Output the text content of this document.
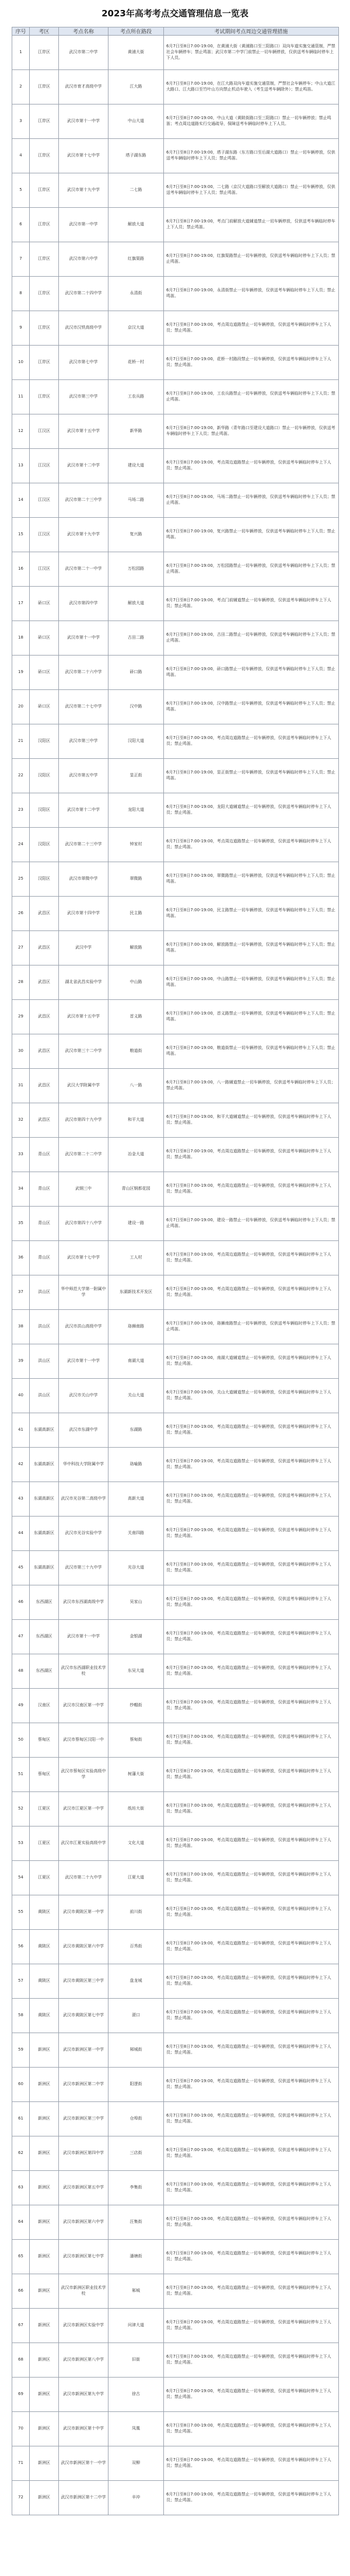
2023年高考考点交通管理信息一览表
序号	考区	考点名称	考点所在路段	考试期间考点周边交通管理措施
1	江岸区	武汉市第二中学	黄浦大街	6月7日至8日7:00-19:00，在黄浦大街（黄浦路口至三阳路口）双向车道实施交通管制，严禁社会车辆停车；禁止鸣笛；武汉市第二中学门前禁止一切车辆停放，仅供送考车辆临时停车上下人员。
2	江岸区	武汉市育才高级中学	江大路	6月7日至8日7:00-19:00，在江大路双向车道实施交通管制，严禁社会车辆停车；中山大道江大路口、江大路口至竹叶山方向禁止机动车驶入（考生送考车辆除外）；禁止鸣笛。
3	江岸区	武汉市第十一中学	中山大道	6月7日至8日7:00-19:00，中山大道（黄陂街路口至三阳路口）禁止一切车辆停放；禁止鸣笛；考点周边道路实行交通疏导，保障送考车辆临时停车上下人员。
4	江岸区	武汉市第十七中学	塔子湖东路	6月7日至8日7:00-19:00，塔子湖东路（东方路口至后湖大道路口）禁止一切车辆停放，仅供送考车辆临时停车上下人员；禁止鸣笛。
5	江岸区	武汉市第十九中学	二七路	6月7日至8日7:00-19:00，二七路（京汉大道路口至解放大道路口）禁止一切车辆停放，仅供送考车辆临时停车上下人员；禁止鸣笛。
6	江岸区	武汉市第一中学	解放大道	6月7日至8日7:00-19:00，考点门前解放大道辅道禁止一切车辆停放，仅供送考车辆临时停车上下人员；禁止鸣笛。
7	江岸区	武汉市第六中学	红旗渠路	6月7日至8日7:00-19:00，红旗渠路禁止一切车辆停放，仅供送考车辆临时停车上下人员；禁止鸣笛。
8	江岸区	武汉市第二十四中学	永清街	6月7日至8日7:00-19:00，永清街禁止一切车辆停放，仅供送考车辆临时停车上下人员；禁止鸣笛。
9	江岸区	武汉市汉铁高级中学	京汉大道	6月7日至8日7:00-19:00，考点周边道路禁止一切车辆停放，仅供送考车辆临时停车上下人员；禁止鸣笛。
10	江岸区	武汉市第七中学	花桥一村	6月7日至8日7:00-19:00，花桥一村路段禁止一切车辆停放，仅供送考车辆临时停车上下人员；禁止鸣笛。
11	江岸区	武汉市第三中学	工农兵路	6月7日至8日7:00-19:00，工农兵路禁止一切车辆停放，仅供送考车辆临时停车上下人员；禁止鸣笛。
12	江汉区	武汉市第十五中学	新华路	6月7日至8日7:00-19:00，新华路（青年路口至建设大道路口）禁止一切车辆停放，仅供送考车辆临时停车上下人员；禁止鸣笛。
13	江汉区	武汉市第十二中学	建设大道	6月7日至8日7:00-19:00，考点周边道路禁止一切车辆停放，仅供送考车辆临时停车上下人员；禁止鸣笛。
14	江汉区	武汉市第二十三中学	马场二路	6月7日至8日7:00-19:00，马场二路禁止一切车辆停放，仅供送考车辆临时停车上下人员；禁止鸣笛。
15	江汉区	武汉市第十九中学	复兴路	6月7日至8日7:00-19:00，复兴路禁止一切车辆停放，仅供送考车辆临时停车上下人员；禁止鸣笛。
16	江汉区	武汉市第二十一中学	万松园路	6月7日至8日7:00-19:00，万松园路禁止一切车辆停放，仅供送考车辆临时停车上下人员；禁止鸣笛。
17	硚口区	武汉市第四中学	解放大道	6月7日至8日7:00-19:00，考点门前辅道禁止一切车辆停放，仅供送考车辆临时停车上下人员；禁止鸣笛。
18	硚口区	武汉市第十一中学	古田二路	6月7日至8日7:00-19:00，古田二路禁止一切车辆停放，仅供送考车辆临时停车上下人员；禁止鸣笛。
19	硚口区	武汉市第二十六中学	硚口路	6月7日至8日7:00-19:00，硚口路禁止一切车辆停放，仅供送考车辆临时停车上下人员；禁止鸣笛。
20	硚口区	武汉市第二十七中学	汉中路	6月7日至8日7:00-19:00，汉中路禁止一切车辆停放，仅供送考车辆临时停车上下人员；禁止鸣笛。
21	汉阳区	武汉市第三中学	汉阳大道	6月7日至8日7:00-19:00，考点周边道路禁止一切车辆停放，仅供送考车辆临时停车上下人员；禁止鸣笛。
22	汉阳区	武汉市第五中学	显正街	6月7日至8日7:00-19:00，显正街禁止一切车辆停放，仅供送考车辆临时停车上下人员；禁止鸣笛。
23	汉阳区	武汉市第十二中学	龙阳大道	6月7日至8日7:00-19:00，龙阳大道辅道禁止一切车辆停放，仅供送考车辆临时停车上下人员；禁止鸣笛。
24	汉阳区	武汉市第二十三中学	钟家村	6月7日至8日7:00-19:00，考点周边道路禁止一切车辆停放，仅供送考车辆临时停车上下人员；禁止鸣笛。
25	汉阳区	武汉市翠微中学	翠微路	6月7日至8日7:00-19:00，翠微路禁止一切车辆停放，仅供送考车辆临时停车上下人员；禁止鸣笛。
26	武昌区	武汉市第十四中学	民主路	6月7日至8日7:00-19:00，民主路禁止一切车辆停放，仅供送考车辆临时停车上下人员；禁止鸣笛。
27	武昌区	武汉中学	解放路	6月7日至8日7:00-19:00，解放路禁止一切车辆停放，仅供送考车辆临时停车上下人员；禁止鸣笛。
28	武昌区	湖北省武昌实验中学	中山路	6月7日至8日7:00-19:00，中山路禁止一切车辆停放，仅供送考车辆临时停车上下人员；禁止鸣笛。
29	武昌区	武汉市第十五中学	首义路	6月7日至8日7:00-19:00，首义路禁止一切车辆停放，仅供送考车辆临时停车上下人员；禁止鸣笛。
30	武昌区	武汉市第三十二中学	粮道街	6月7日至8日7:00-19:00，粮道街禁止一切车辆停放，仅供送考车辆临时停车上下人员；禁止鸣笛。
31	武昌区	武汉大学附属中学	八一路	6月7日至8日7:00-19:00，八一路辅道禁止一切车辆停放，仅供送考车辆临时停车上下人员；禁止鸣笛。
32	武昌区	武汉市第四十九中学	和平大道	6月7日至8日7:00-19:00，和平大道辅道禁止一切车辆停放，仅供送考车辆临时停车上下人员；禁止鸣笛。
33	青山区	武汉市第二十二中学	冶金大道	6月7日至8日7:00-19:00，考点周边道路禁止一切车辆停放，仅供送考车辆临时停车上下人员；禁止鸣笛。
34	青山区	武钢三中	青山区钢都花园	6月7日至8日7:00-19:00，考点周边道路禁止一切车辆停放，仅供送考车辆临时停车上下人员；禁止鸣笛。
35	青山区	武汉市第四十八中学	建设一路	6月7日至8日7:00-19:00，建设一路禁止一切车辆停放，仅供送考车辆临时停车上下人员；禁止鸣笛。
36	青山区	武汉市第十七中学	工人村	6月7日至8日7:00-19:00，考点周边道路禁止一切车辆停放，仅供送考车辆临时停车上下人员；禁止鸣笛。
37	洪山区	华中师范大学第一附属中学	东湖新技术开发区	6月7日至8日7:00-19:00，考点周边道路禁止一切车辆停放，仅供送考车辆临时停车上下人员；禁止鸣笛。
38	洪山区	武汉市洪山高级中学	珞狮南路	6月7日至8日7:00-19:00，珞狮南路禁止一切车辆停放，仅供送考车辆临时停车上下人员；禁止鸣笛。
39	洪山区	武汉市第十一中学	南湖大道	6月7日至8日7:00-19:00，南湖大道辅道禁止一切车辆停放，仅供送考车辆临时停车上下人员；禁止鸣笛。
40	洪山区	武汉市关山中学	关山大道	6月7日至8日7:00-19:00，关山大道辅道禁止一切车辆停放，仅供送考车辆临时停车上下人员；禁止鸣笛。
41	东湖高新区	武汉市东湖中学	东湖路	6月7日至8日7:00-19:00，考点周边道路禁止一切车辆停放，仅供送考车辆临时停车上下人员；禁止鸣笛。
42	东湖高新区	华中科技大学附属中学	珞喻路	6月7日至8日7:00-19:00，考点周边道路禁止一切车辆停放，仅供送考车辆临时停车上下人员；禁止鸣笛。
43	东湖高新区	武汉市光谷第二高级中学	高新大道	6月7日至8日7:00-19:00，考点周边道路禁止一切车辆停放，仅供送考车辆临时停车上下人员；禁止鸣笛。
44	东湖高新区	武汉市光谷实验中学	关南四路	6月7日至8日7:00-19:00，考点周边道路禁止一切车辆停放，仅供送考车辆临时停车上下人员；禁止鸣笛。
45	东湖高新区	武汉市第三十九中学	光谷大道	6月7日至8日7:00-19:00，考点周边道路禁止一切车辆停放，仅供送考车辆临时停车上下人员；禁止鸣笛。
46	东西湖区	武汉市东西湖高级中学	吴家山	6月7日至8日7:00-19:00，考点周边道路禁止一切车辆停放，仅供送考车辆临时停车上下人员；禁止鸣笛。
47	东西湖区	武汉市第十一中学	金银湖	6月7日至8日7:00-19:00，考点周边道路禁止一切车辆停放，仅供送考车辆临时停车上下人员；禁止鸣笛。
48	东西湖区	武汉市东西湖职业技术学校	东吴大道	6月7日至8日7:00-19:00，考点周边道路禁止一切车辆停放，仅供送考车辆临时停车上下人员；禁止鸣笛。
49	汉南区	武汉市汉南区第一中学	纱帽街	6月7日至8日7:00-19:00，考点周边道路禁止一切车辆停放，仅供送考车辆临时停车上下人员；禁止鸣笛。
50	蔡甸区	武汉市蔡甸区汉阳一中	蔡甸街	6月7日至8日7:00-19:00，考点周边道路禁止一切车辆停放，仅供送考车辆临时停车上下人员；禁止鸣笛。
51	蔡甸区	武汉市蔡甸区实验高级中学	树藩大街	6月7日至8日7:00-19:00，考点周边道路禁止一切车辆停放，仅供送考车辆临时停车上下人员；禁止鸣笛。
52	江夏区	武汉市江夏区第一中学	纸坊大街	6月7日至8日7:00-19:00，考点周边道路禁止一切车辆停放，仅供送考车辆临时停车上下人员；禁止鸣笛。
53	江夏区	武汉市江夏实验高级中学	文化大道	6月7日至8日7:00-19:00，考点周边道路禁止一切车辆停放，仅供送考车辆临时停车上下人员；禁止鸣笛。
54	江夏区	武汉市第二十九中学	江夏大道	6月7日至8日7:00-19:00，考点周边道路禁止一切车辆停放，仅供送考车辆临时停车上下人员；禁止鸣笛。
55	黄陂区	武汉市黄陂区第一中学	前川街	6月7日至8日7:00-19:00，考点周边道路禁止一切车辆停放，仅供送考车辆临时停车上下人员；禁止鸣笛。
56	黄陂区	武汉市黄陂区第六中学	百秀街	6月7日至8日7:00-19:00，考点周边道路禁止一切车辆停放，仅供送考车辆临时停车上下人员；禁止鸣笛。
57	黄陂区	武汉市黄陂区第三中学	盘龙城	6月7日至8日7:00-19:00，考点周边道路禁止一切车辆停放，仅供送考车辆临时停车上下人员；禁止鸣笛。
58	黄陂区	武汉市黄陂区第七中学	滠口	6月7日至8日7:00-19:00，考点周边道路禁止一切车辆停放，仅供送考车辆临时停车上下人员；禁止鸣笛。
59	新洲区	武汉市新洲区第一中学	邾城街	6月7日至8日7:00-19:00，考点周边道路禁止一切车辆停放，仅供送考车辆临时停车上下人员；禁止鸣笛。
60	新洲区	武汉市新洲区第二中学	阳逻街	6月7日至8日7:00-19:00，考点周边道路禁止一切车辆停放，仅供送考车辆临时停车上下人员；禁止鸣笛。
61	新洲区	武汉市新洲区第三中学	仓埠街	6月7日至8日7:00-19:00，考点周边道路禁止一切车辆停放，仅供送考车辆临时停车上下人员；禁止鸣笛。
62	新洲区	武汉市新洲区第四中学	三店街	6月7日至8日7:00-19:00，考点周边道路禁止一切车辆停放，仅供送考车辆临时停车上下人员；禁止鸣笛。
63	新洲区	武汉市新洲区第五中学	李集街	6月7日至8日7:00-19:00，考点周边道路禁止一切车辆停放，仅供送考车辆临时停车上下人员；禁止鸣笛。
64	新洲区	武汉市新洲区第六中学	汪集街	6月7日至8日7:00-19:00，考点周边道路禁止一切车辆停放，仅供送考车辆临时停车上下人员；禁止鸣笛。
65	新洲区	武汉市新洲区第七中学	潘塘街	6月7日至8日7:00-19:00，考点周边道路禁止一切车辆停放，仅供送考车辆临时停车上下人员；禁止鸣笛。
66	新洲区	武汉市新洲区职业技术学校	邾城	6月7日至8日7:00-19:00，考点周边道路禁止一切车辆停放，仅供送考车辆临时停车上下人员；禁止鸣笛。
67	新洲区	武汉市新洲区实验中学	问津大道	6月7日至8日7:00-19:00，考点周边道路禁止一切车辆停放，仅供送考车辆临时停车上下人员；禁止鸣笛。
68	新洲区	武汉市新洲区第八中学	旧街	6月7日至8日7:00-19:00，考点周边道路禁止一切车辆停放，仅供送考车辆临时停车上下人员；禁止鸣笛。
69	新洲区	武汉市新洲区第九中学	徐古	6月7日至8日7:00-19:00，考点周边道路禁止一切车辆停放，仅供送考车辆临时停车上下人员；禁止鸣笛。
70	新洲区	武汉市新洲区第十中学	凤凰	6月7日至8日7:00-19:00，考点周边道路禁止一切车辆停放，仅供送考车辆临时停车上下人员；禁止鸣笛。
71	新洲区	武汉市新洲区第十一中学	双柳	6月7日至8日7:00-19:00，考点周边道路禁止一切车辆停放，仅供送考车辆临时停车上下人员；禁止鸣笛。
72	新洲区	武汉市新洲区第十二中学	辛冲	6月7日至8日7:00-19:00，考点周边道路禁止一切车辆停放，仅供送考车辆临时停车上下人员；禁止鸣笛。
